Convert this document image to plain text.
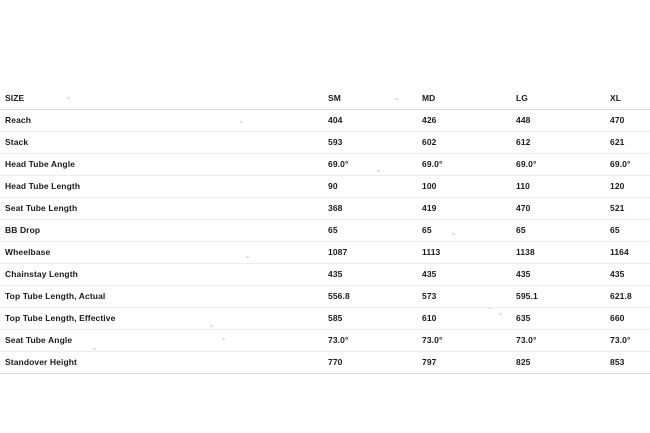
SIZE	SM	MD	LG	XL
Reach	404	426	448	470
Stack	593	602	612	621
Head Tube Angle	69.0°	69.0°	69.0°	69.0°
Head Tube Length	90	100	110	120
Seat Tube Length	368	419	470	521
BB Drop	65	65	65	65
Wheelbase	1087	1113	1138	1164
Chainstay Length	435	435	435	435
Top Tube Length, Actual	556.8	573	595.1	621.8
Top Tube Length, Effective	585	610	635	660
Seat Tube Angle	73.0°	73.0°	73.0°	73.0°
Standover Height	770	797	825	853
